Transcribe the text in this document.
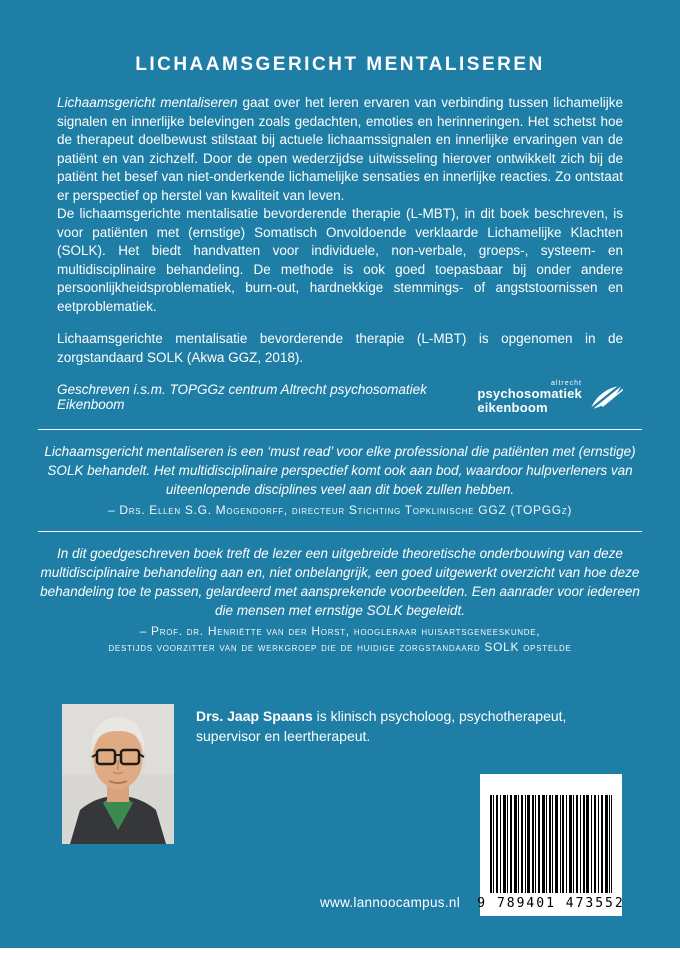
LICHAAMSGERICHT MENTALISEREN

Lichaamsgericht mentaliseren gaat over het leren ervaren van verbinding tussen lichamelijke signalen en innerlijke belevingen zoals gedachten, emoties en herinneringen. Het schetst hoe de therapeut doelbewust stilstaat bij actuele lichaamssignalen en innerlijke ervaringen van de patiënt en van zichzelf. Door de open wederzijdse uitwisseling hierover ontwikkelt zich bij de patiënt het besef van niet-onderkende lichamelijke sensaties en innerlijke reacties. Zo ontstaat er perspectief op herstel van kwaliteit van leven.

De lichaamsgerichte mentalisatie bevorderende therapie (L-MBT), in dit boek beschreven, is voor patiënten met (ernstige) Somatisch Onvoldoende verklaarde Lichamelijke Klachten (SOLK). Het biedt handvatten voor individuele, non-verbale, groeps-, systeem- en multidisciplinaire behandeling. De methode is ook goed toepasbaar bij onder andere persoonlijkheidsproblematiek, burn-out, hardnekkige stemmings- of angststoornissen en eetproblematiek.

Lichaamsgerichte mentalisatie bevorderende therapie (L-MBT) is opgenomen in de zorgstandaard SOLK (Akwa GGZ, 2018).

Geschreven i.s.m. TOPGGz centrum Altrecht psychosomatiek Eikenboom
altrecht
psychosomatiek
eikenboom
Lichaamsgericht mentaliseren is een ‘must read’ voor elke professional die patiënten met (ernstige) SOLK behandelt. Het multidisciplinaire perspectief komt ook aan bod, waardoor hulpverleners van uiteenlopende disciplines veel aan dit boek zullen hebben.
– Drs. Ellen S.G. Mogendorff, directeur Stichting Topklinische GGZ (TOPGGz)
In dit goedgeschreven boek treft de lezer een uitgebreide theoretische onderbouwing van deze multidisciplinaire behandeling aan en, niet onbelangrijk, een goed uitgewerkt overzicht van hoe deze behandeling toe te passen, gelardeerd met aansprekende voorbeelden. Een aanrader voor iedereen die mensen met ernstige SOLK begeleidt.
– Prof. dr. Henriëtte van der Horst, hoogleraar huisartsgeneeskunde,
destijds voorzitter van de werkgroep die de huidige zorgstandaard SOLK opstelde

Drs. Jaap Spaans is klinisch psycholoog, psychotherapeut, supervisor en leertherapeut.

www.lannoocampus.nl 9 789401 473552
